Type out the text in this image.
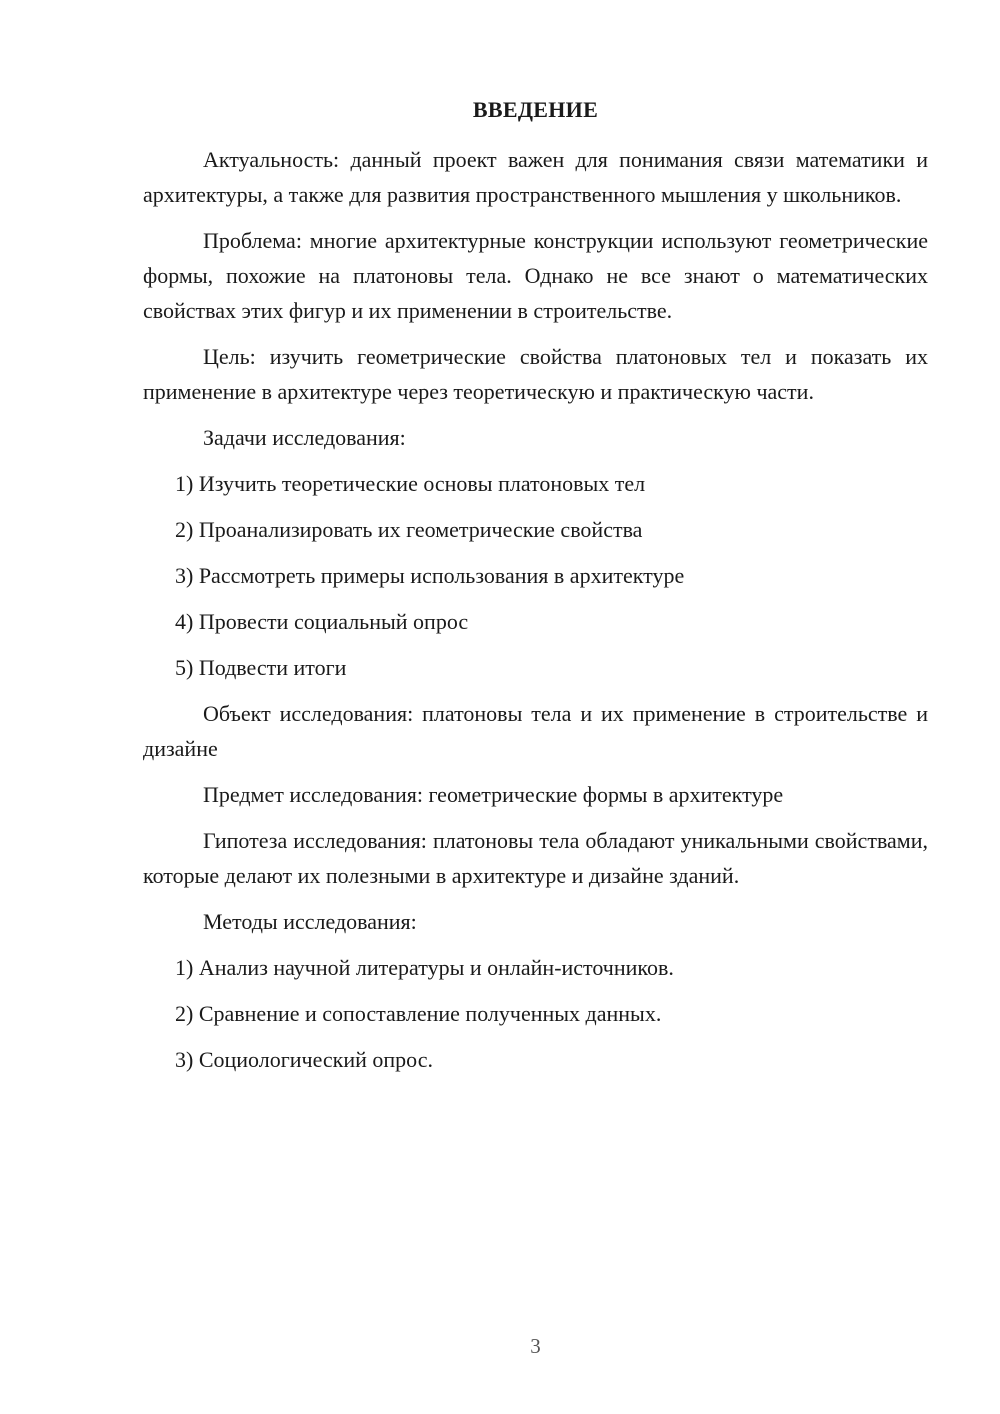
ВВЕДЕНИЕ

Актуальность: данный проект важен для понимания связи математики и архитектуры, а также для развития пространственного мышления у школьников.

Проблема: многие архитектурные конструкции используют геометрические формы, похожие на платоновы тела. Однако не все знают о математических свойствах этих фигур и их применении в строительстве.

Цель: изучить геометрические свойства платоновых тел и показать их применение в архитектуре через теоретическую и практическую части.

Задачи исследования:

1) Изучить теоретические основы платоновых тел

2) Проанализировать их геометрические свойства

3) Рассмотреть примеры использования в архитектуре

4) Провести социальный опрос

5) Подвести итоги

Объект исследования: платоновы тела и их применение в строительстве и дизайне

Предмет исследования: геометрические формы в архитектуре

Гипотеза исследования: платоновы тела обладают уникальными свойствами, которые делают их полезными в архитектуре и дизайне зданий.

Методы исследования:

1) Анализ научной литературы и онлайн-источников.

2) Сравнение и сопоставление полученных данных.

3) Социологический опрос.

3
